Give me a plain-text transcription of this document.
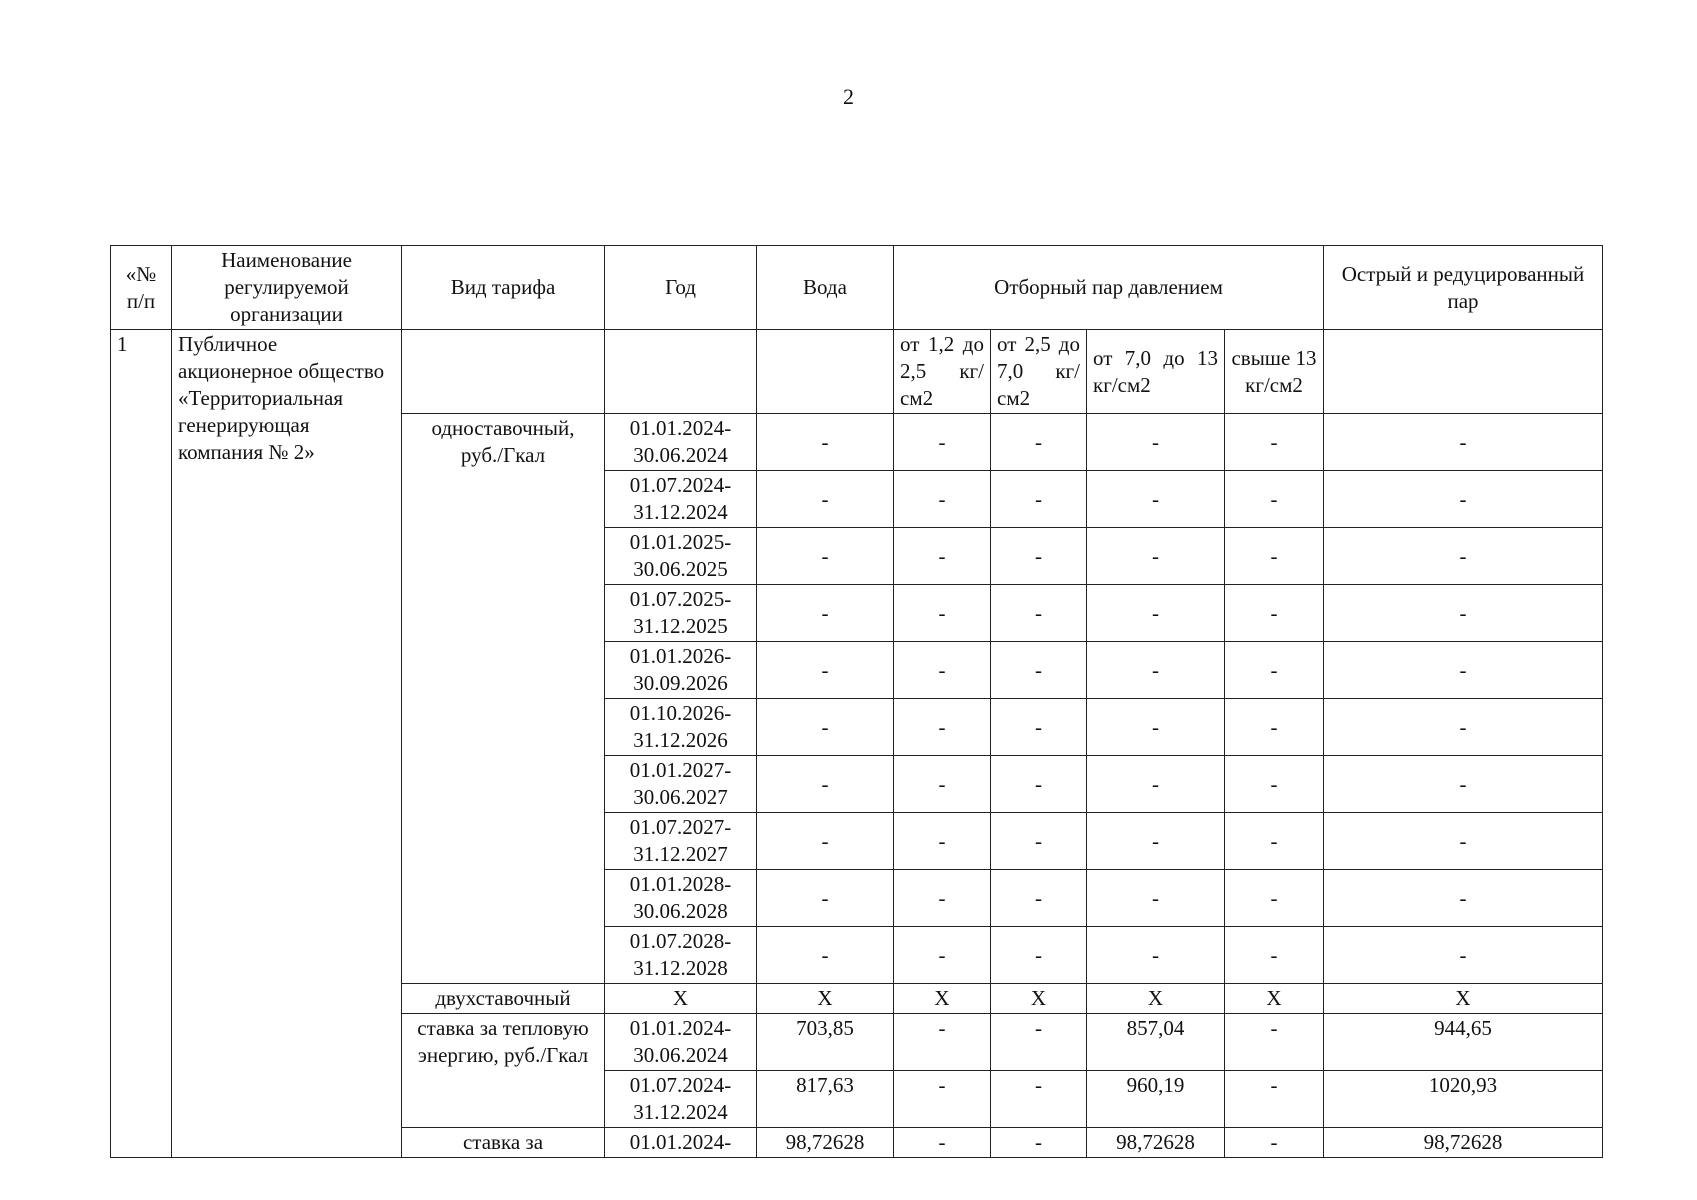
2
«№ п/п	Наименование регулируемой организации	Вид тарифа	Год	Вода	Отборный пар давлением				Острый и редуцированный пар
1	Публичное акционерное общество «Территориальная генерирующая компания № 2»				от 1,2 до 2,5 кг/см2	от 2,5 до 7,0 кг/см2	от 7,0 до 13 кг/см2	свыше 13 кг/см2	
		одноставочный, руб./Гкал	01.01.2024-30.06.2024	-	-	-	-	-	-
			01.07.2024-31.12.2024	-	-	-	-	-	-
			01.01.2025-30.06.2025	-	-	-	-	-	-
			01.07.2025-31.12.2025	-	-	-	-	-	-
			01.01.2026-30.09.2026	-	-	-	-	-	-
			01.10.2026-31.12.2026	-	-	-	-	-	-
			01.01.2027-30.06.2027	-	-	-	-	-	-
			01.07.2027-31.12.2027	-	-	-	-	-	-
			01.01.2028-30.06.2028	-	-	-	-	-	-
			01.07.2028-31.12.2028	-	-	-	-	-	-
		двухставочный	X	X	X	X	X	X	X
		ставка за тепловую энергию, руб./Гкал	01.01.2024-30.06.2024	703,85	-	-	857,04	-	944,65
			01.07.2024-31.12.2024	817,63	-	-	960,19	-	1020,93
		ставка за	01.01.2024-	98,72628	-	-	98,72628	-	98,72628
